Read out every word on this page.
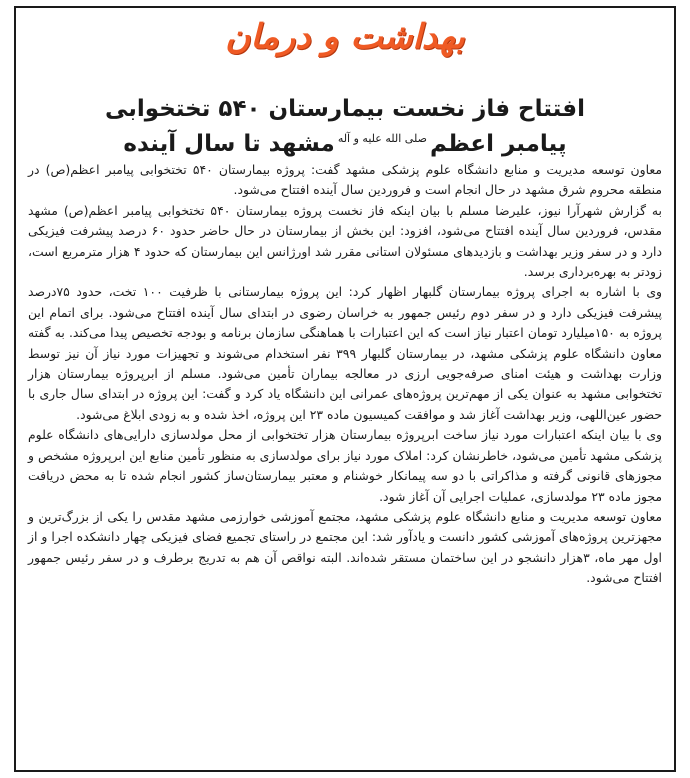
بهداشت و درمان
افتتاح فاز نخست بیمارستان ۵۴۰ تختخوابی
پیامبر اعظمصلی الله علیه و آلهمشهد تا سال آینده

معاون توسعه مدیریت و منابع دانشگاه علوم پزشکی مشهد گفت: پروژه بیمارستان ۵۴۰ تختخوابی پیامبر اعظم(ص) در منطقه محروم شرق مشهد در حال انجام است و فروردین سال آینده افتتاح می‌شود.

به گزارش شهرآرا نیوز، علیرضا مسلم با بیان اینکه فاز نخست پروژه بیمارستان ۵۴۰ تختخوابی پیامبر اعظم(ص) مشهد مقدس، فروردین سال آینده افتتاح می‌شود، افزود: این بخش از بیمارستان در حال حاضر حدود ۶۰ درصد پیشرفت فیزیکی دارد و در سفر وزیر بهداشت و بازدیدهای مسئولان استانی مقرر شد اورژانس این بیمارستان که حدود ۴ هزار مترمربع است، زودتر به بهره‌برداری برسد.

وی با اشاره به اجرای پروژه بیمارستان گلبهار اظهار کرد: این پروژه بیمارستانی با ظرفیت ۱۰۰ تخت، حدود ۷۵درصد پیشرفت فیزیکی دارد و در سفر دوم رئیس جمهور به خراسان رضوی در ابتدای سال آینده افتتاح می‌شود. برای اتمام این پروژه به ۱۵۰میلیارد تومان اعتبار نیاز است که این اعتبارات با هماهنگی سازمان برنامه و بودجه تخصیص پیدا می‌کند. به گفته معاون دانشگاه علوم پزشکی مشهد، در بیمارستان گلبهار ۳۹۹ نفر استخدام می‌شوند و تجهیزات مورد نیاز آن نیز توسط وزارت بهداشت و هیئت امنای صرفه‌جویی ارزی در معالجه بیماران تأمین می‌شود. مسلم از ابرپروژه بیمارستان هزار تختخوابی مشهد به عنوان یکی از مهم‌ترین پروژه‌های عمرانی این دانشگاه یاد کرد و گفت: این پروژه در ابتدای سال جاری با حضور عین‌اللهی، وزیر بهداشت آغاز شد و موافقت کمیسیون ماده ۲۳ این پروژه، اخذ شده و به زودی ابلاغ می‌شود.

وی با بیان اینکه اعتبارات مورد نیاز ساخت ابرپروژه بیمارستان هزار تختخوابی از محل مولدسازی دارایی‌های دانشگاه علوم پزشکی مشهد تأمین می‌شود، خاطرنشان کرد: املاک مورد نیاز برای مولدسازی به منظور تأمین منابع این ابرپروژه مشخص و مجوزهای قانونی گرفته و مذاکراتی با دو سه پیمانکار خوشنام و معتبر بیمارستان‌ساز کشور انجام شده تا به محض دریافت مجوز ماده ۲۳ مولدسازی، عملیات اجرایی آن آغاز شود.

معاون توسعه مدیریت و منابع دانشگاه علوم پزشکی مشهد، مجتمع آموزشی خوارزمی مشهد مقدس را یکی از بزرگ‌ترین و مجهزترین پروژه‌های آموزشی کشور دانست و یادآور شد: این مجتمع در راستای تجمیع فضای فیزیکی چهار دانشکده اجرا و از اول مهر ماه، ۳هزار دانشجو در این ساختمان مستقر شده‌اند. البته نواقص آن هم به تدریج برطرف و در سفر رئیس جمهور افتتاح می‌شود.
